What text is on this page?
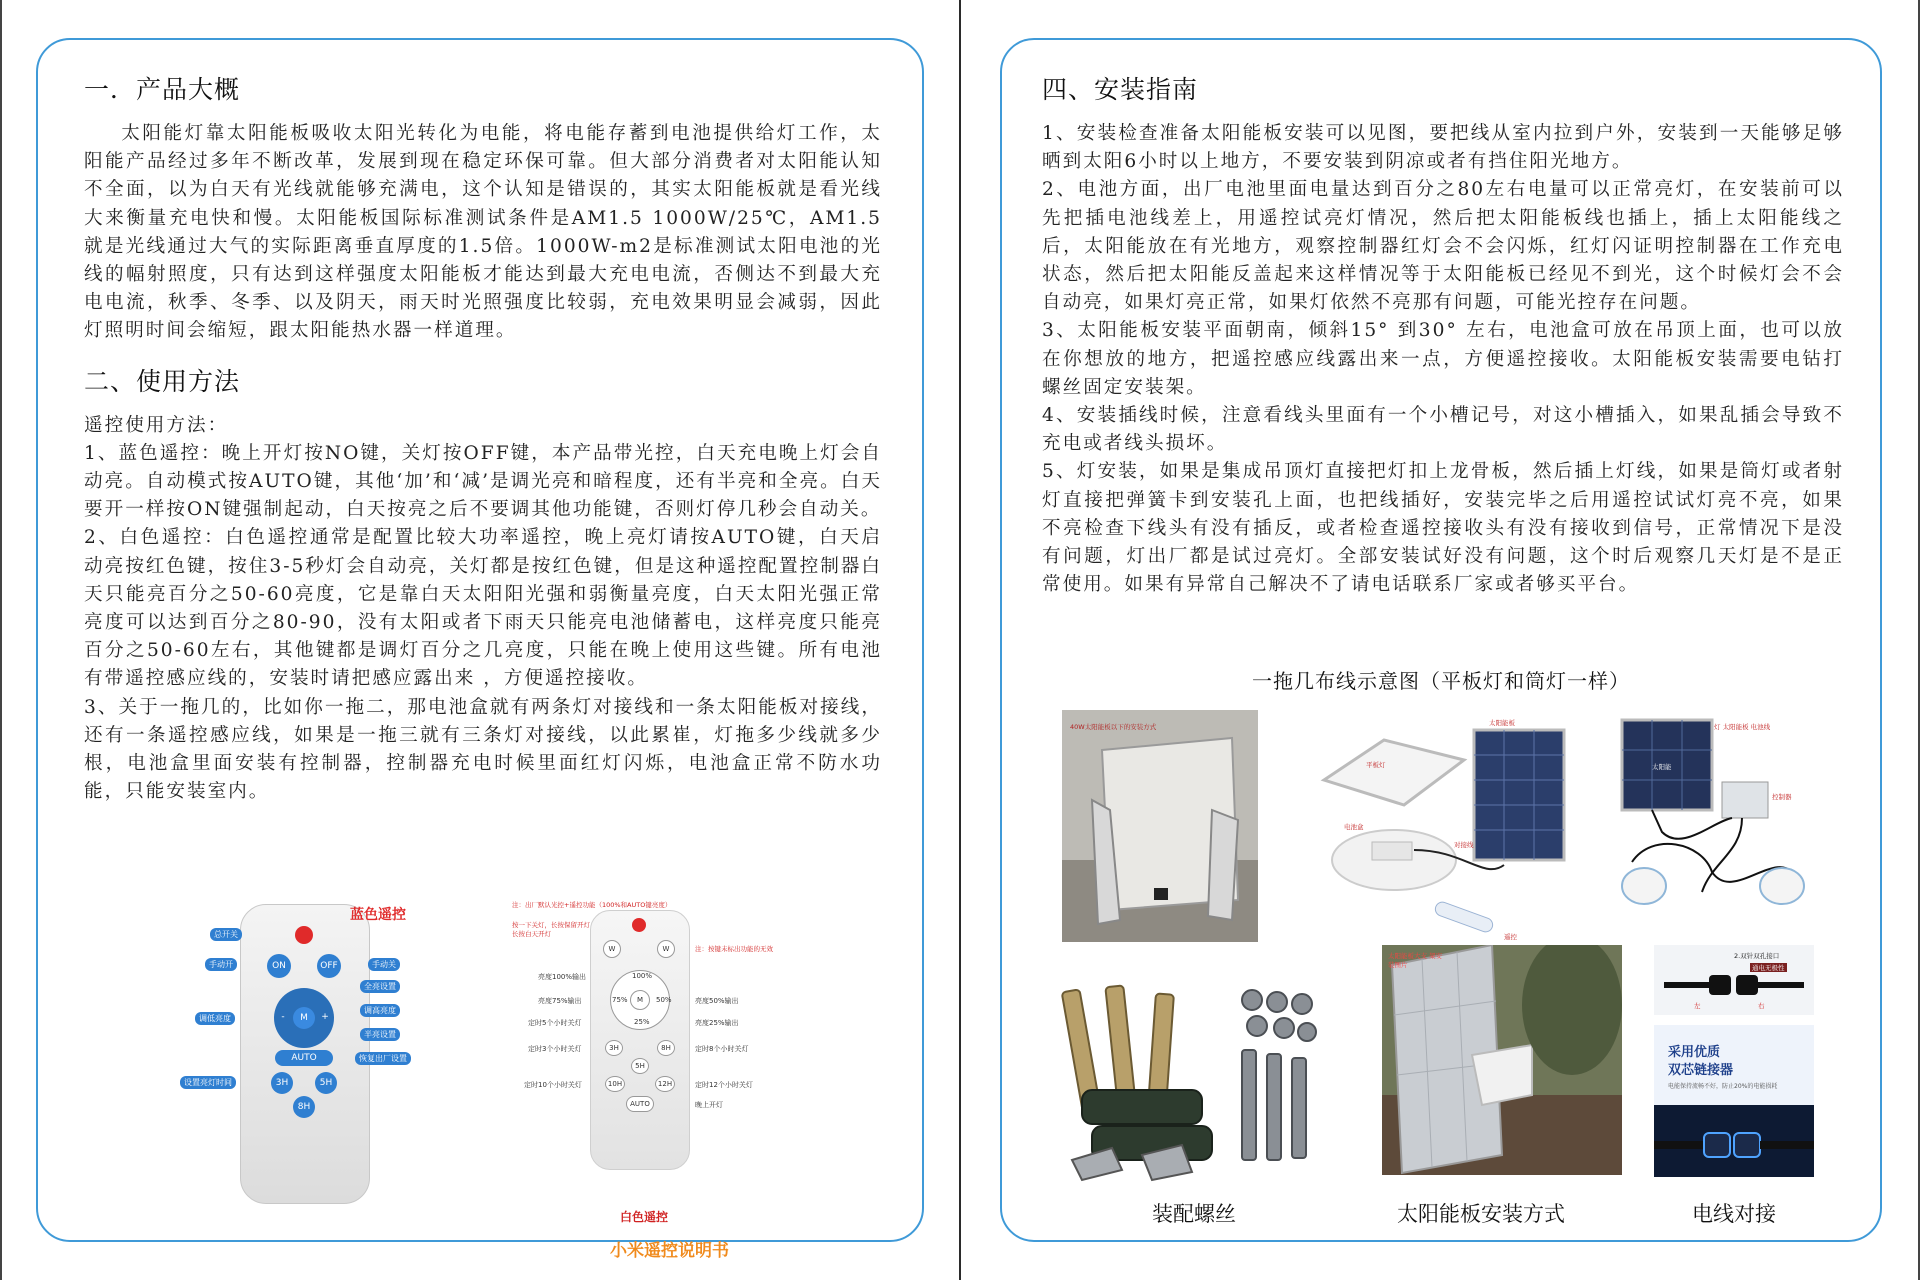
一．产品大概

太阳能灯靠太阳能板吸收太阳光转化为电能，将电能存蓄到电池提供给灯工作，太阳能产品经过多年不断改革，发展到现在稳定环保可靠。但大部分消费者对太阳能认知不全面，以为白天有光线就能够充满电，这个认知是错误的，其实太阳能板就是看光线大来衡量充电快和慢。太阳能板国际标准测试条件是AM1.5 1000W/25℃，AM1.5就是光线通过大气的实际距离垂直厚度的1.5倍。1000W-m2是标准测试太阳电池的光线的幅射照度，只有达到这样强度太阳能板才能达到最大充电电流，否侧达不到最大充电电流，秋季、冬季、以及阴天，雨天时光照强度比较弱，充电效果明显会减弱，因此灯照明时间会缩短，跟太阳能热水器一样道理。

二、使用方法

遥控使用方法：

1、蓝色遥控：晚上开灯按NO键，关灯按OFF键，本产品带光控，白天充电晚上灯会自动亮。自动模式按AUTO键，其他‘加’和‘减’是调光亮和暗程度，还有半亮和全亮。白天要开一样按ON键强制起动，白天按亮之后不要调其他功能键，否则灯停几秒会自动关。

2、白色遥控：白色遥控通常是配置比较大功率遥控，晚上亮灯请按AUTO键，白天启动亮按红色键，按住3-5秒灯会自动亮，关灯都是按红色键，但是这种遥控配置控制器白天只能亮百分之50-60亮度，它是靠白天太阳阳光强和弱衡量亮度，白天太阳光强正常亮度可以达到百分之80-90，没有太阳或者下雨天只能亮电池储蓄电，这样亮度只能亮百分之50-60左右，其他键都是调灯百分之几亮度，只能在晚上使用这些键。所有电池有带遥控感应线的，安装时请把感应露出来 ，方便遥控接收。

3、关于一拖几的，比如你一拖二，那电池盒就有两条灯对接线和一条太阳能板对接线，还有一条遥控感应线，如果是一拖三就有三条灯对接线，以此累崔，灯拖多少线就多少根，电池盒里面安装有控制器，控制器充电时候里面红灯闪烁，电池盒正常不防水功能，只能安装室内。

蓝色遥控
ON	OFF
M	+
-
AUTO
3H	5H
8H
总开关
手动开	手动关
全亮设置
调低亮度
调高亮度
半亮设置
恢复出厂设置
设置亮灯时间
注：出厂默认光控+遥控功能（100%和AUTO键亮度）
按一下关灯，长按保留开灯
长按白天开灯
注：按键未标出功能的无效
W	W
M
100%
75%	50%
25%
3H	8H
5H
10H	12H
AUTO
亮度100%输出
亮度75%输出
定时5个小时关灯
定时3个小时关灯
定时10个小时关灯
亮度50%输出
亮度25%输出
定时8个小时关灯
定时12个小时关灯
晚上开灯
白色遥控
小米遥控说明书
四、安装指南

1、安装检查准备太阳能板安装可以见图，要把线从室内拉到户外，安装到一天能够足够晒到太阳6小时以上地方，不要安装到阴凉或者有挡住阳光地方。

2、电池方面，出厂电池里面电量达到百分之80左右电量可以正常亮灯，在安装前可以先把插电池线差上，用遥控试亮灯情况，然后把太阳能板线也插上，插上太阳能线之后，太阳能放在有光地方，观察控制器红灯会不会闪烁，红灯闪证明控制器在工作充电状态，然后把太阳能反盖起来这样情况等于太阳能板已经见不到光，这个时候灯会不会自动亮，如果灯亮正常，如果灯依然不亮那有问题，可能光控存在问题。

3、太阳能板安装平面朝南，倾斜15° 到30° 左右，电池盒可放在吊顶上面，也可以放在你想放的地方，把遥控感应线露出来一点，方便遥控接收。太阳能板安装需要电钻打螺丝固定安装架。

4、安装插线时候，注意看线头里面有一个小槽记号，对这小槽插入，如果乱插会导致不充电或者线头损坏。

5、灯安装，如果是集成吊顶灯直接把灯扣上龙骨板，然后插上灯线，如果是筒灯或者射灯直接把弹簧卡到安装孔上面，也把线插好，安装完毕之后用遥控试试灯亮不亮，如果不亮检查下线头有没有插反，或者检查遥控接收头有没有接收到信号，正常情况下是没有问题，灯出厂都是试过亮灯。全部安装试好没有问题，这个时后观察几天灯是不是正常使用。如果有异常自己解决不了请电话联系厂家或者够买平台。

一拖几布线示意图（平板灯和筒灯一样）
40W太阳能板以下的安装方式
平板灯
太阳能板
对接线
电池盒
遥控
灯 太阳能板 电池线
控制器
太阳能
装配螺丝
太阳能板大支 架安装图片
太阳能板安装方式
2.双针双孔接口
通电无极性
左	右
采用优质
双芯链接器
电能保持流畅不好，防止20%的电能损耗
电线对接
